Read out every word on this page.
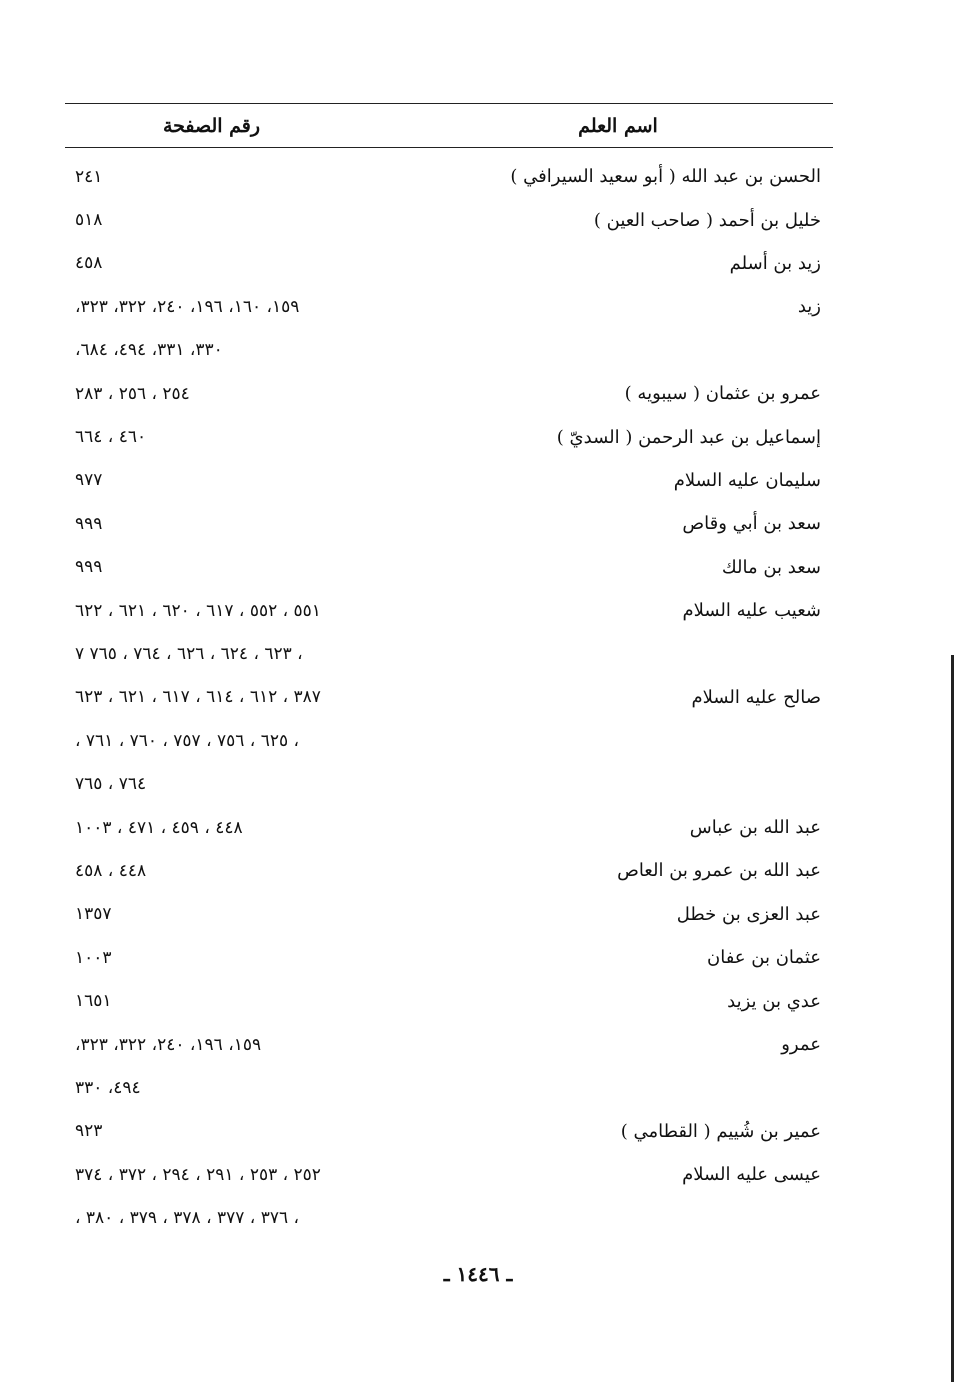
اسم العلم
رقم الصفحة
الحسن بن عبد الله ( أبو سعيد السيرافي )
٢٤١
خليل بن أحمد ( صاحب العين )
٥١٨
زيد بن أسلم
٤٥٨
زيد
١٥٩، ١٦٠، ١٩٦، ٢٤٠، ٣٢٢، ٣٢٣،
٣٣٠، ٣٣١، ٤٩٤، ٦٨٤،
عمرو بن عثمان ( سيبويه )
٢٥٤ ، ٢٥٦ ، ٢٨٣
إسماعيل بن عبد الرحمن ( السديّ )
٤٦٠ ، ٦٦٤
سليمان عليه السلام
٩٧٧
سعد بن أبي وقاص
٩٩٩
سعد بن مالك
٩٩٩
شعيب عليه السلام
٥٥١ ، ٥٥٢ ، ٦١٧ ، ٦٢٠ ، ٦٢١ ، ٦٢٢
، ٦٢٣ ، ٦٢٤ ، ٦٢٦ ، ٧٦٤ ، ٧٦٥ ٧
صالح عليه السلام
٣٨٧ ، ٦١٢ ، ٦١٤ ، ٦١٧ ، ٦٢١ ، ٦٢٣
، ٦٢٥ ، ٧٥٦ ، ٧٥٧ ، ٧٦٠ ، ٧٦١ ،
٧٦٤ ، ٧٦٥
عبد الله بن عباس
٤٤٨ ، ٤٥٩ ، ٤٧١ ، ١٠٠٣
عبد الله بن عمرو بن العاص
٤٤٨ ، ٤٥٨
عبد العزى بن خطل
١٣٥٧
عثمان بن عفان
١٠٠٣
عدي بن يزيد
١٦٥١
عمرو
١٥٩، ١٩٦، ٢٤٠، ٣٢٢، ٣٢٣،
٤٩٤، ٣٣٠
عمير بن شُييم ( القطامي )
٩٢٣
عيسى عليه السلام
٢٥٢ ، ٢٥٣ ، ٢٩١ ، ٢٩٤ ، ٣٧٢ ، ٣٧٤
، ٣٧٦ ، ٣٧٧ ، ٣٧٨ ، ٣٧٩ ، ٣٨٠ ،
ـ ١٤٤٦ ـ
